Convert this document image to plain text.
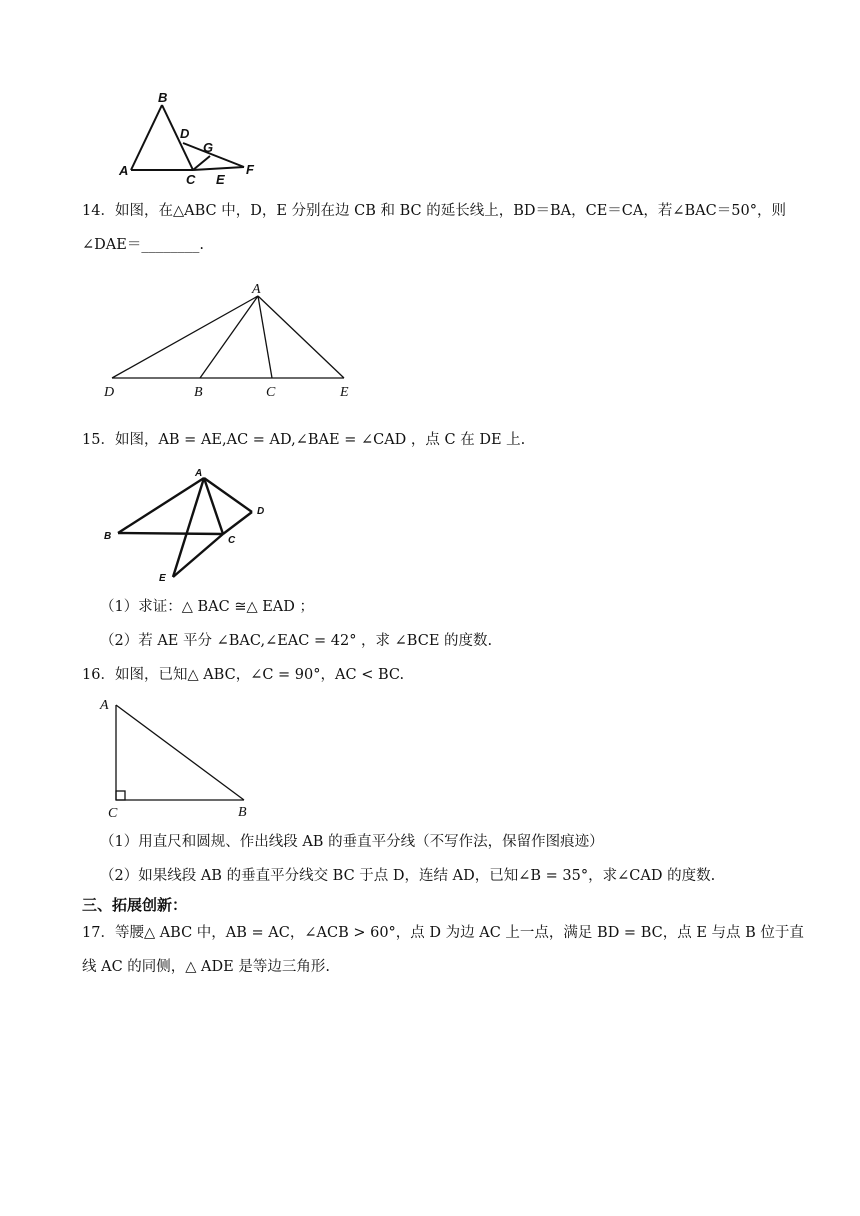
B
D
G
A
C E
F
14．如图，在△ABC 中，D，E 分别在边 CB 和 BC 的延长线上，BD＝BA，CE＝CA，若∠BAC＝50°，则
∠DAE＝________.
A
D	B	C	E
15．如图，AB = AE,AC = AD,∠BAE = ∠CAD ，点 C 在 DE 上.
A
B	C
D
E
（1）求证：△ BAC ≅△ EAD ；
（2）若 AE 平分 ∠BAC,∠EAC = 42° ，求 ∠BCE 的度数.
16．如图，已知△ ABC，∠C = 90°，AC < BC.
A
C	B
（1）用直尺和圆规、作出线段 AB 的垂直平分线（不写作法，保留作图痕迹）
（2）如果线段 AB 的垂直平分线交 BC 于点 D，连结 AD，已知∠B = 35°，求∠CAD 的度数.
三、拓展创新：
17．等腰△ ABC 中，AB = AC，∠ACB > 60°，点 D 为边 AC 上一点，满足 BD = BC，点 E 与点 B 位于直
线 AC 的同侧，△ ADE 是等边三角形.
